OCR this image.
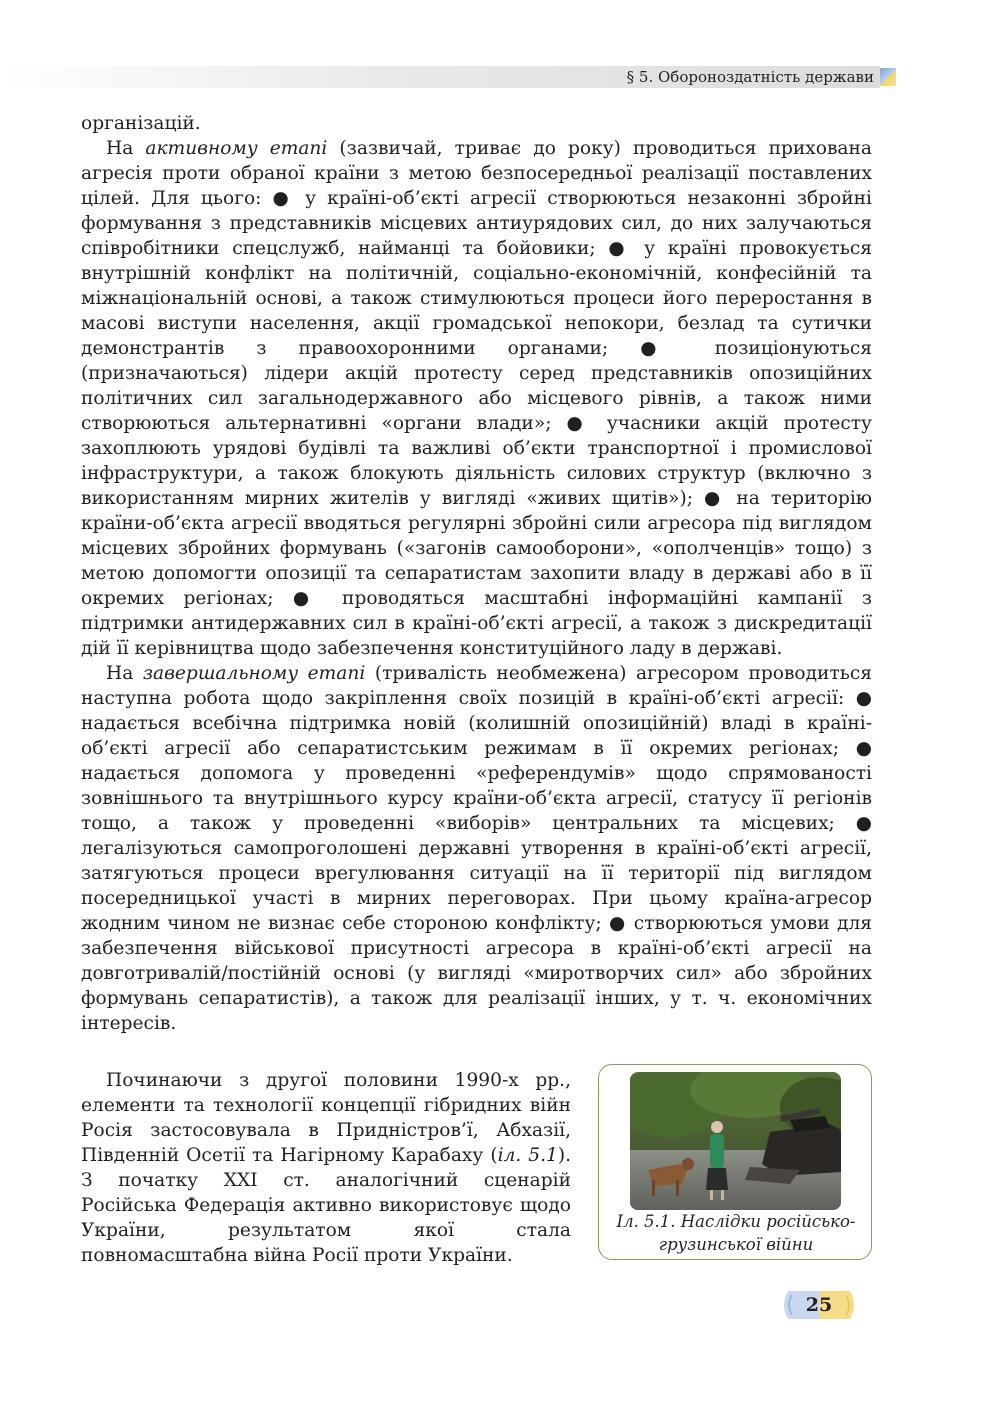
§ 5. Обороноздатність держави

організацій.

На активному етапі (зазвичай, триває до року) проводиться прихована агресія проти обраної країни з метою безпосередньої реалізації поставлених цілей. Для цього: ● у країні-об’єкті агресії створюються незаконні збройні формування з представників місцевих антиурядових сил, до них залучаються співробітники спецслужб, найманці та бойовики; ● у країні провокується внутрішній конфлікт на політичній, соціально-економічній, конфесійній та міжнаціональній основі, а також стимулюються процеси його переростання в масові виступи населення, акції громадської непокори, безлад та сутички демонстрантів з правоохоронними органами; ● позиціонуються (призначаються) лідери акцій протесту серед представників опозиційних політичних сил загальнодержавного або місцевого рівнів, а також ними створюються альтернативні «органи влади»; ● учасники акцій протесту захоплюють урядові будівлі та важливі об’єкти транспортної і промислової інфраструктури, а також блокують діяльність силових структур (включно з використанням мирних жителів у вигляді «живих щитів»); ● на територію країни-об’єкта агресії вводяться регулярні збройні сили агресора під виглядом місцевих збройних формувань («загонів самооборони», «ополченців» тощо) з метою допомогти опозиції та сепаратистам захопити владу в державі або в її окремих регіонах; ● проводяться масштабні інформаційні кампанії з підтримки антидержавних сил в країні-об’єкті агресії, а також з дискредитації дій її керівництва щодо забезпечення конституційного ладу в державі.

На завершальному етапі (тривалість необмежена) агресором проводиться наступна робота щодо закріплення своїх позицій в країні-об’єкті агресії: ● надається всебічна підтримка новій (колишній опозиційній) владі в країні-об’єкті агресії або сепаратистським режимам в її окремих регіонах; ● надається допомога у проведенні «референдумів» щодо спрямованості зовнішнього та внутрішнього курсу країни-об’єкта агресії, статусу її регіонів тощо, а також у проведенні «виборів» центральних та місцевих; ● легалізуються самопроголошені державні утворення в країні-об’єкті агресії, затягуються процеси врегулювання ситуації на її території під виглядом посередницької участі в мирних переговорах. При цьому країна-агресор жодним чином не визнає себе стороною конфлікту; ● створюються умови для забезпечення військової присутності агресора в країні-об’єкті агресії на довготривалій/постійній основі (у вигляді «миротворчих сил» або збройних формувань сепаратистів), а також для реалізації інших, у т. ч. економічних інтересів.

Починаючи з другої половини 1990-х рр., елементи та технології концепції гібридних війн Росія застосовувала в Придністров’ї, Абхазії, Південній Осетії та Нагірному Карабаху (іл. 5.1). З початку XXI ст. аналогічний сценарій Російська Федерація активно використовує щодо України, результатом якої стала повномасштабна війна Росії проти України.

Іл. 5.1. Наслідки російсько-грузинської війни
25
